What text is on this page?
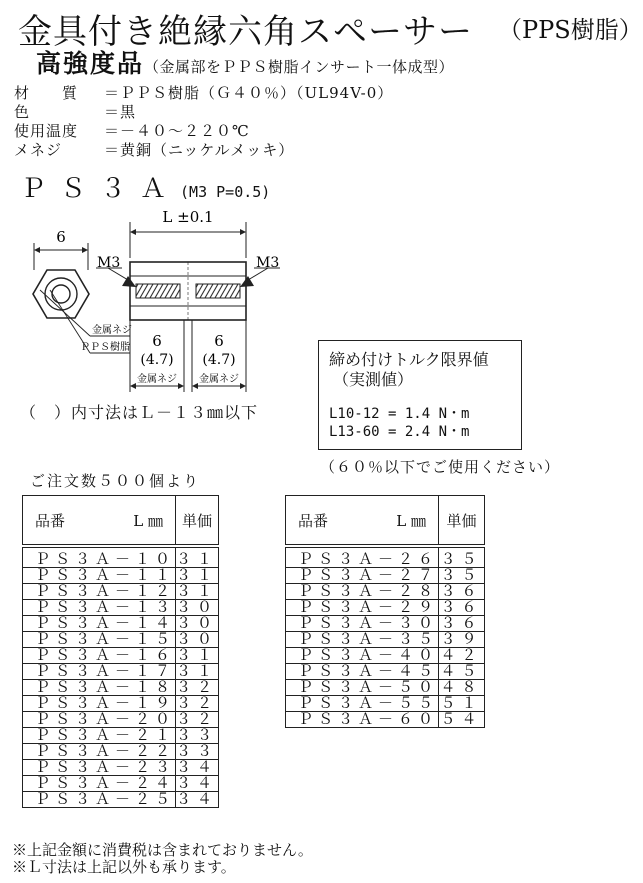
金具付き絶縁六角スペーサー （PPS樹脂）
高強度品（金属部をＰＰＳ樹脂インサート一体成型）
材　　質	＝ＰＰＳ樹脂（Ｇ４０％）（UL94V-0）
色	＝黒
使用温度	＝－４０～２２０℃
メネジ	＝黄銅（ニッケルメッキ）
ＰＳ３Ａ(M3 P=0.5)
6
金属ネジ
ＰＰＳ樹脂
L ±0.1
M3	M3
6
(4.7)
金属ネジ
6
(4.7)
金属ネジ
（　）内寸法はＬ－１３㎜以下
締め付けトルク限界値
（実測値）
L10-12 = 1.4 N・m
L13-60 = 2.4 N・m
（６０％以下でご使用ください）
ご注文数５００個より
品番 L ㎜	単価
ＰＳ３Ａ－１０	３１
ＰＳ３Ａ－１１	３１
ＰＳ３Ａ－１２	３１
ＰＳ３Ａ－１３	３０
ＰＳ３Ａ－１４	３０
ＰＳ３Ａ－１５	３０
ＰＳ３Ａ－１６	３１
ＰＳ３Ａ－１７	３１
ＰＳ３Ａ－１８	３２
ＰＳ３Ａ－１９	３２
ＰＳ３Ａ－２０	３２
ＰＳ３Ａ－２１	３３
ＰＳ３Ａ－２２	３３
ＰＳ３Ａ－２３	３４
ＰＳ３Ａ－２４	３４
ＰＳ３Ａ－２５	３４
品番 L ㎜	単価
ＰＳ３Ａ－２６	３５
ＰＳ３Ａ－２７	３５
ＰＳ３Ａ－２８	３６
ＰＳ３Ａ－２９	３６
ＰＳ３Ａ－３０	３６
ＰＳ３Ａ－３５	３９
ＰＳ３Ａ－４０	４２
ＰＳ３Ａ－４５	４５
ＰＳ３Ａ－５０	４８
ＰＳ３Ａ－５５	５１
ＰＳ３Ａ－６０	５４
※上記金額に消費税は含まれておりません。
※Ｌ寸法は上記以外も承ります。
